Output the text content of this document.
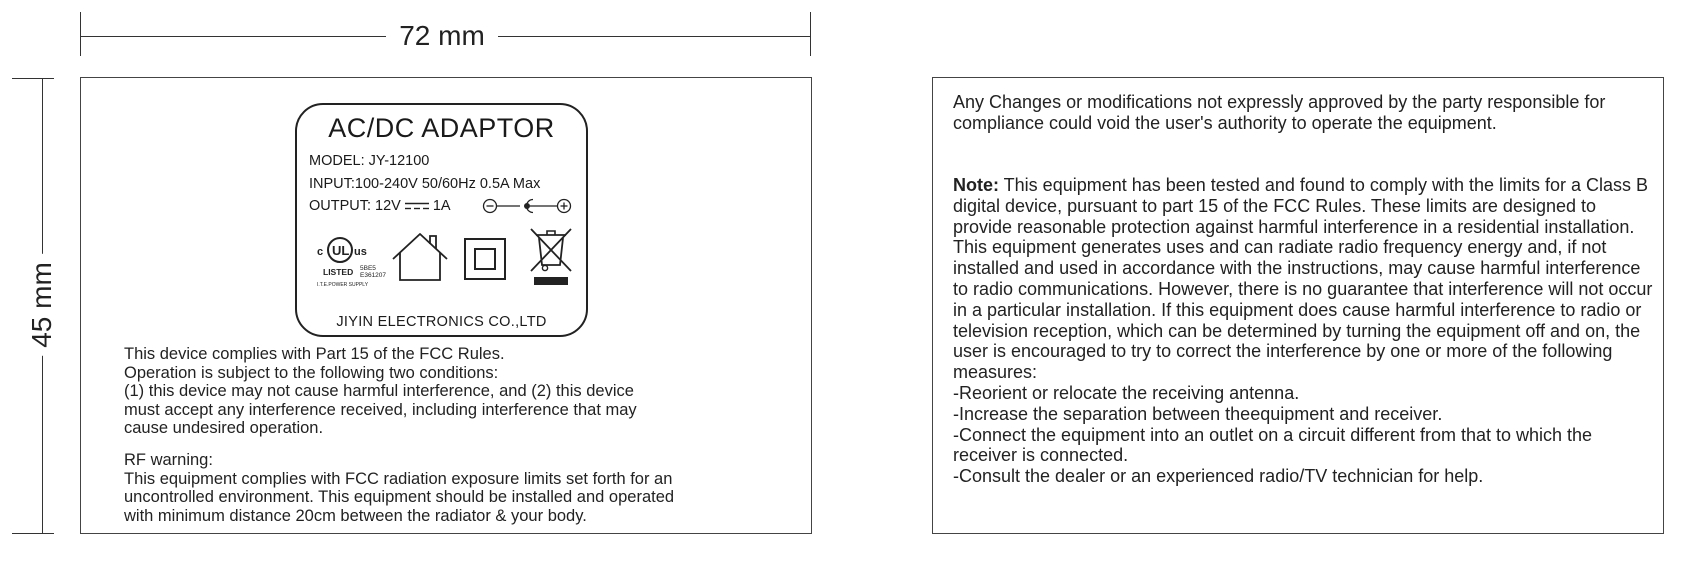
72 mm
45 mm
AC/DC ADAPTOR
MODEL: JY-12100
INPUT:100-240V 50/60Hz 0.5A Max
OUTPUT: 12V 1A
c UL us
LISTED 5BE5
E361207
I.T.E.POWER SUPPLY
JIYIN ELECTRONICS CO.,LTD
This device complies with Part 15 of the FCC Rules.
Operation is subject to the following two conditions:
(1) this device may not cause harmful interference, and (2) this device
must accept any interference received, including interference that may
cause undesired operation.
RF warning:
This equipment complies with FCC radiation exposure limits set forth for an
uncontrolled environment. This equipment should be installed and operated
with minimum distance 20cm between the radiator & your body.
Any Changes or modifications not expressly approved by the party responsible for compliance could void the user's authority to operate the equipment.
Note: This equipment has been tested and found to comply with the limits for a Class B digital device, pursuant to part 15 of the FCC Rules. These limits are designed to provide reasonable protection against harmful interference in a residential installation. This equipment generates uses and can radiate radio frequency energy and, if not installed and used in accordance with the instructions, may cause harmful interference to radio communications. However, there is no guarantee that interference will not occur in a particular installation. If this equipment does cause harmful interference to radio or television reception, which can be determined by turning the equipment off and on, the user is encouraged to try to correct the interference by one or more of the following measures:
-Reorient or relocate the receiving antenna.
-Increase the separation between theequipment and receiver.
-Connect the equipment into an outlet on a circuit different from that to which the receiver is connected.
-Consult the dealer or an experienced radio/TV technician for help.
